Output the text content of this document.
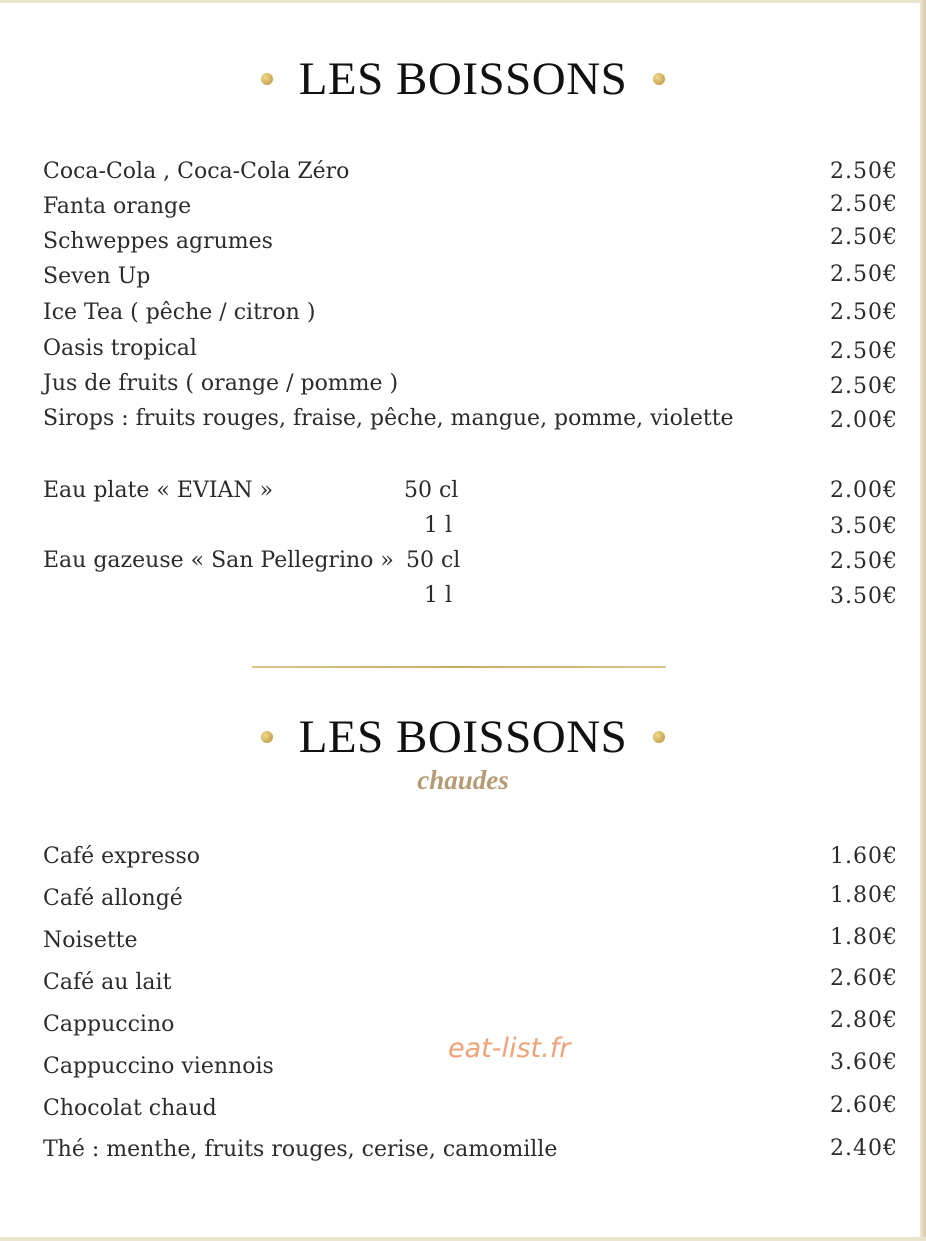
LES BOISSONS
Coca-Cola , Coca-Cola Zéro	2.50€
Fanta orange	2.50€
Schweppes agrumes	2.50€
Seven Up	2.50€
Ice Tea ( pêche / citron )	2.50€
Oasis tropical	2.50€
Jus de fruits ( orange / pomme )	2.50€
Sirops : fruits rouges, fraise, pêche, mangue, pomme, violette	2.00€
Eau plate « EVIAN »	50 cl	2.00€
1 l	3.50€
Eau gazeuse « San Pellegrino » 50 cl	2.50€
1 l	3.50€
LES BOISSONS
chaudes
Café expresso	1.60€
Café allongé	1.80€
Noisette	1.80€
Café au lait	2.60€
Cappuccino	2.80€
Cappuccino viennois	3.60€
Chocolat chaud	2.60€
Thé : menthe, fruits rouges, cerise, camomille	2.40€
eat-list.fr
